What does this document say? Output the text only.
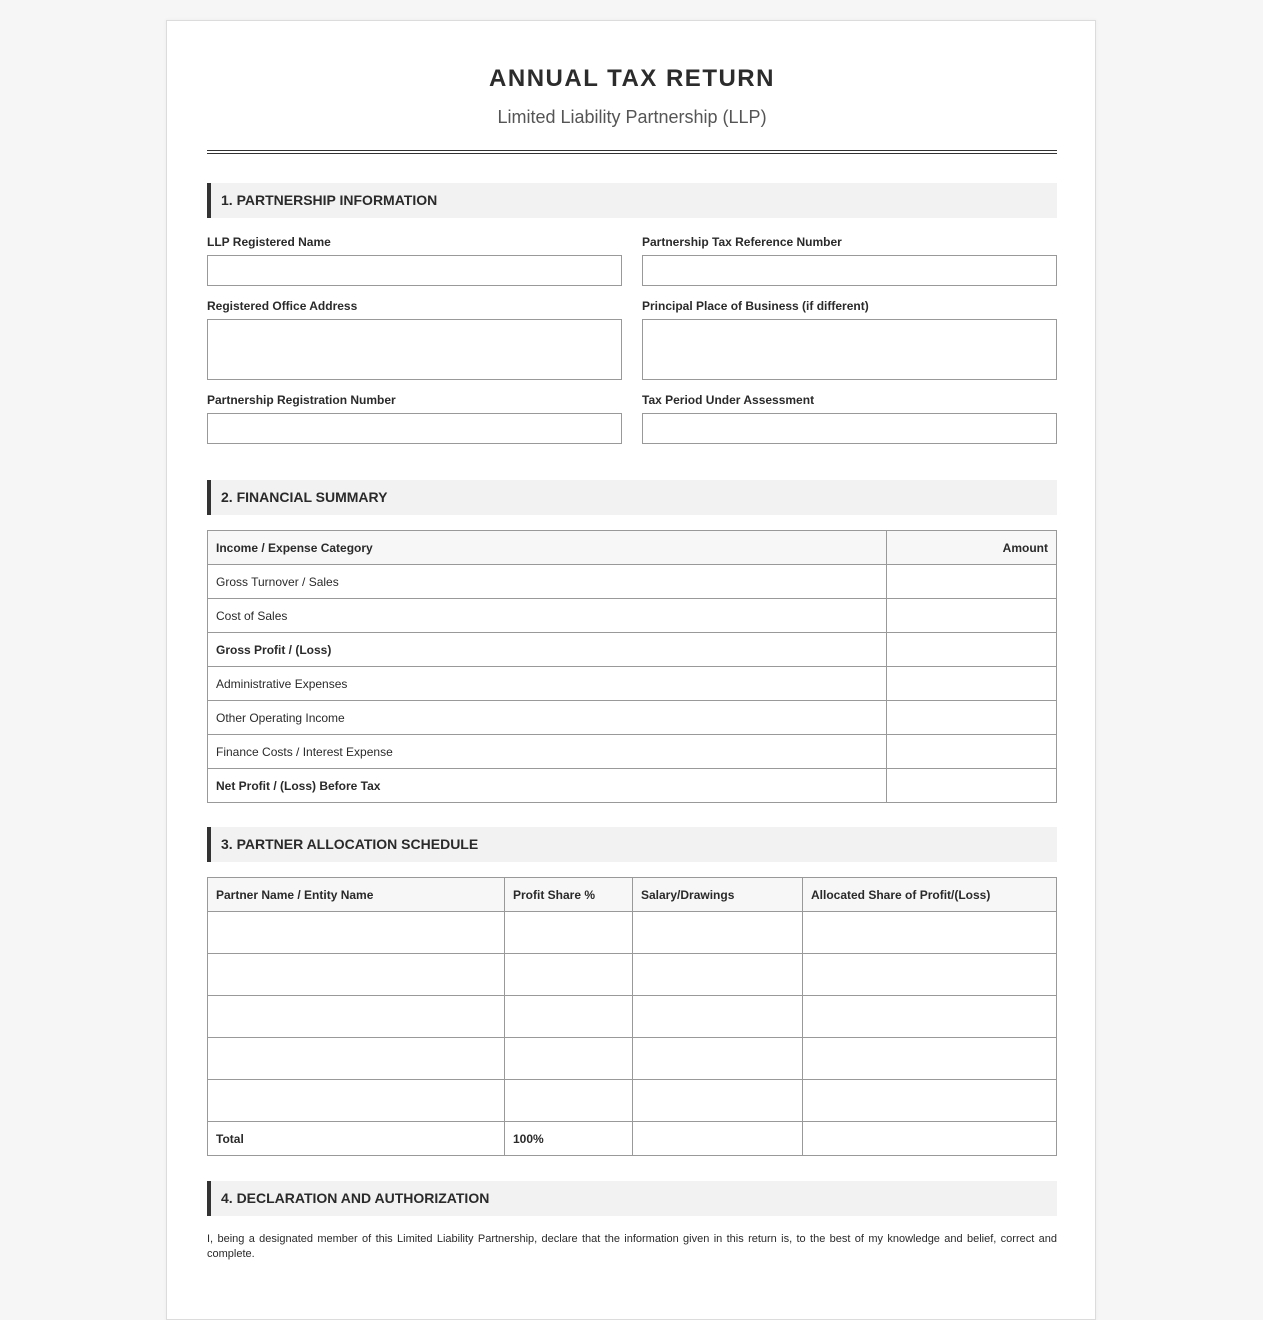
ANNUAL TAX RETURN
Limited Liability Partnership (LLP)
1. PARTNERSHIP INFORMATION
LLP Registered Name	Partnership Tax Reference Number
Registered Office Address	Principal Place of Business (if different)
Partnership Registration Number	Tax Period Under Assessment
2. FINANCIAL SUMMARY
Income / Expense Category	Amount
Gross Turnover / Sales	
Cost of Sales	
Gross Profit / (Loss)	
Administrative Expenses	
Other Operating Income	
Finance Costs / Interest Expense	
Net Profit / (Loss) Before Tax	
3. PARTNER ALLOCATION SCHEDULE
Partner Name / Entity Name	Profit Share %	Salary/Drawings	Allocated Share of Profit/(Loss)

Total	100%		
4. DECLARATION AND AUTHORIZATION
I, being a designated member of this Limited Liability Partnership, declare that the information given in this return is, to the best of my knowledge and belief, correct and complete.
